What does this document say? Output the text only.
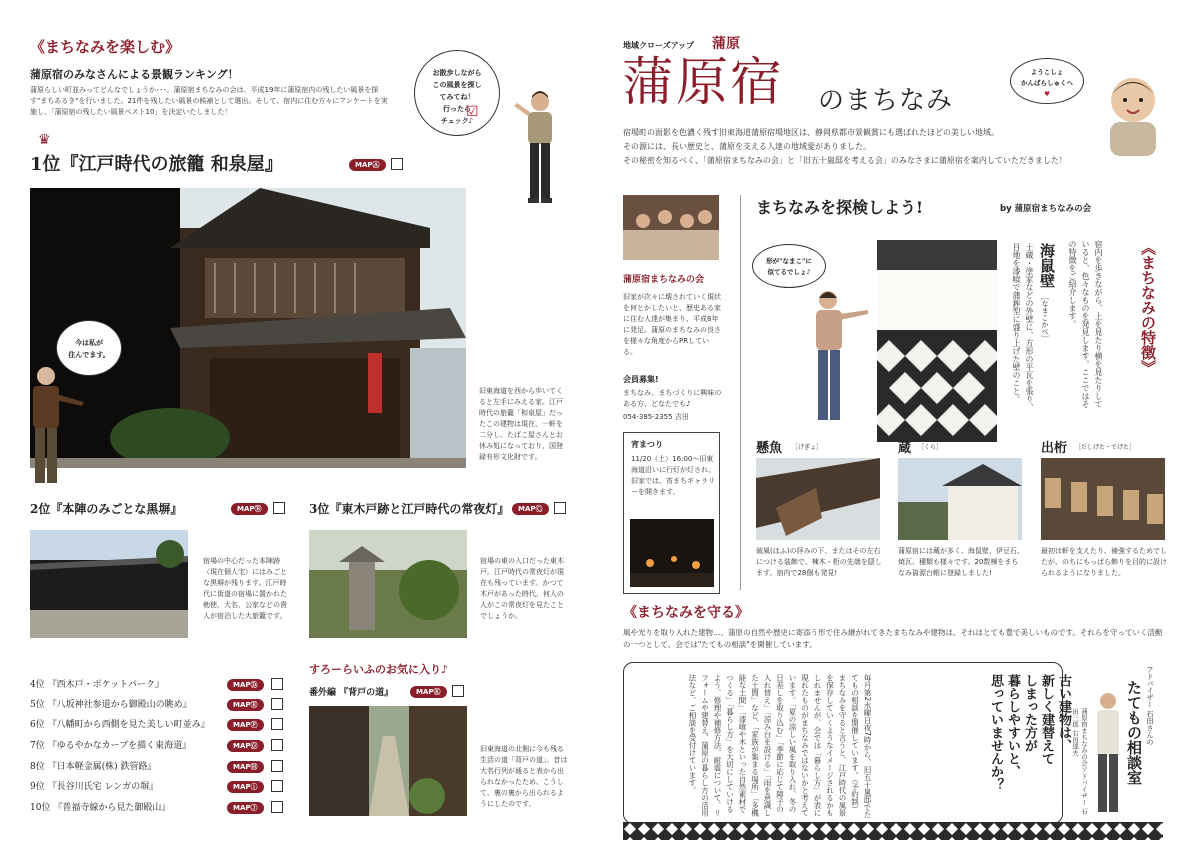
《まちなみを楽しむ》
蒲原宿のみなさんによる景観ランキング！
蒲原らしい町並みってどんなでしょうか･･･。蒲原宿まちなみの会は、平成19年に蒲原宿内の残したい風景を探す"まちあるき"を行いました。21件を残したい風景の候補として選出。そして、宿内に住む方々にアンケートを実施し、「蒲原宿の残したい風景ベスト10」を決定いたしました！
お散歩しながら
この風景を探し
てみてね！
行ったら
チェック♪
☑
♛
1位『江戸時代の旅籠 和泉屋』	MAPⒶ
今は私が
住んでます。
旧東海道を西から歩いてくると左手にみえる家。江戸時代の旅籠「和泉屋」だったこの建物は現在、一軒を二分し、たばこ屋さんとお休み処になっており、国登録有形文化財です。
2位『本陣のみごとな黒塀』	MAPⒷ
宿場の中心だった本陣跡（現在個人宅）にはみごとな黒塀が残ります。江戸時代に街道の宿場に置かれた勅使、大名、公家などの貴人が宿泊した大旅籠です。
3位『東木戸跡と江戸時代の常夜灯』	MAPⒸ
宿場の東の入口だった東木戸。江戸時代の常夜灯が現在も残っています。かつて木戸があった時代、何人の人がこの常夜灯を見たことでしょうか。
4位 『西木戸・ポケットパーク』	MAPⒹ
5位 『八坂神社参道から御殿山の眺め』	MAPⒺ
6位 『八幡町から西側を見た美しい町並み』	MAPⒻ
7位 『ゆるやかなカーブを描く東海道』	MAPⒼ
8位 『日本軽金属(株) 鉄管路』	MAPⒽ
9位 『長谷川氏宅 レンガの塀』	MAPⓘ
10位 『普福寺線から見た御殿山』	MAPⒿ
すろーらいふのお気に入り♪
番外編 『背戸の道』	MAPⓀ
旧東海道の北側に今も残る生活の道「背戸の道」。昔は大名行列が通ると表から出られなかったため、こうして、裏の裏から出られるようにしたのです。
地域クローズアップ 蒲原
蒲原宿 のまちなみ
ようこしょ
かんばらしゅくへ
♥
宿場町の面影を色濃く残す旧東海道蒲原宿場地区は、静岡県都市景観賞にも選ばれたほどの美しい地域。
その源には、長い歴史と、蒲原を支える人達の地域愛がありました。
その秘密を知るべく、「蒲原宿まちなみの会」と「旧五十嵐邸を考える会」のみなさまに蒲原宿を案内していただきました！
蒲原宿まちなみの会
旧家が次々に壊されていく現状を何とかしたいと、歴史ある家に住む人達が集まり、平成8年に発足。蒲原のまちなみの良さを様々な角度からPRしている。
会員募集!
まちなみ、まちづくりに興味のある方、どなたでも♪
054-385-2355 吉田
宵まつり
11/20（土）16:00～旧東海道沿いに行灯が灯され、旧家では、宵まちギャラリーを開きます。
まちなみを探検しよう!	by 蒲原宿まちなみの会
形が"なまこ"に
似てるでしょ♪	海鼠壁
［なまこかべ］
土蔵・塗家などの外壁に、方形の平瓦を張り、目地を漆喰で蒲鉾型に盛り上げた壁のこと。	《まちなみの特徴》
宿内を歩きながら、上を見たり横を見たりしていると、色々なものを発見します。ここではその特徴をご紹介します。
懸魚 ［げぎょ］
破風(はふ)の拝みの下、またはその左右につける装飾で、棟木・桁の先端を隠します。宿内で28個も発見!
蔵 ［くら］
蒲原宿には蔵が多く、海鼠壁、伊豆石、焼瓦、種類も様々です。20数棟をまちなみ資源台帳に登録しました!
出桁 ［だしげた・でげた］
最初は軒を支えたり、補強するためでしたが、のちにもっぱら飾りを目的に設けられるようになりました。
《まちなみを守る》
風や光りを取り入れた建物…、蒲原の自然や歴史に寄添う形で住み継がれてきたまちなみや建物は、それはとても豊で美しいものです。それらを守っていく活動の一つとして、会では"たてもの相談"を開催しています。
古い建物は、
新しく建替えて
しまった方が
暮らしやすいと、
思っていませんか？
毎月第2水曜日夜7時から、旧五十嵐邸でたてもの相談を開催しています。（予約制）まちなみを守ると言うと、江戸時代の風景を保存していくようなイメージされるかもしれませんが、会では「暮らし方」が表に現れたものがまちなみではないかと考えています。「夏の涼しい風を取り入れ、冬の日差しを取り込む」「季節に応じて障子の入れ替え」「涼み台を設ける」「雨を意識した土間」など、「家族が集まる場所」「多機能な土間」「漆喰や木といった自然素材でつくる」「暮らし方」を大切にしていけるよう、修理や補修方法、耐震について、リフォームや建替え、蒲原の暮らし方の活用法など、ご相談を受付けています。	アドバイザー 石田さんの
たてもの相談室
蒲原宿まちなみの会アドバイザー 石田三郎 右田達夫
